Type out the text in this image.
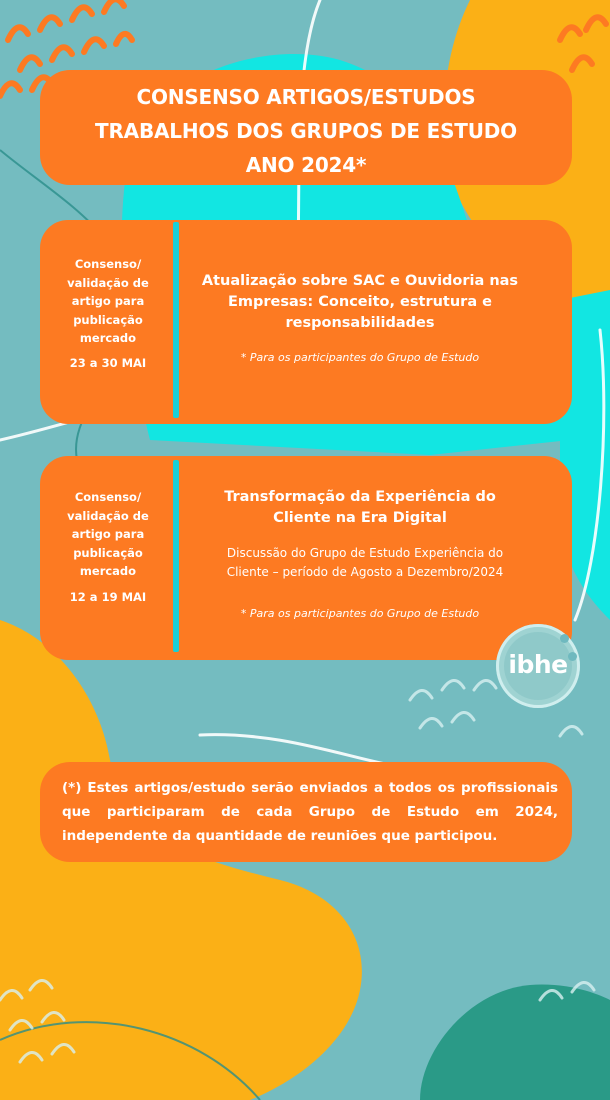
CONSENSO ARTIGOS/ESTUDOS
TRABALHOS DOS GRUPOS DE ESTUDO
ANO 2024*
Consenso/
validação de
artigo para
publicação
mercado
23 a 30 MAI
Atualização sobre SAC e Ouvidoria nas
Empresas: Conceito, estrutura e
responsabilidades
* Para os participantes do Grupo de Estudo
Consenso/
validação de
artigo para
publicação
mercado
12 a 19 MAI
Transformação da Experiência do
Cliente na Era Digital
Discussão do Grupo de Estudo Experiência do
Cliente – período de Agosto a Dezembro/2024
* Para os participantes do Grupo de Estudo
ibhe
(*) Estes artigos/estudo serão enviados a todos os profissionais que participaram de cada Grupo de Estudo em 2024, independente da quantidade de reuniões que participou.
